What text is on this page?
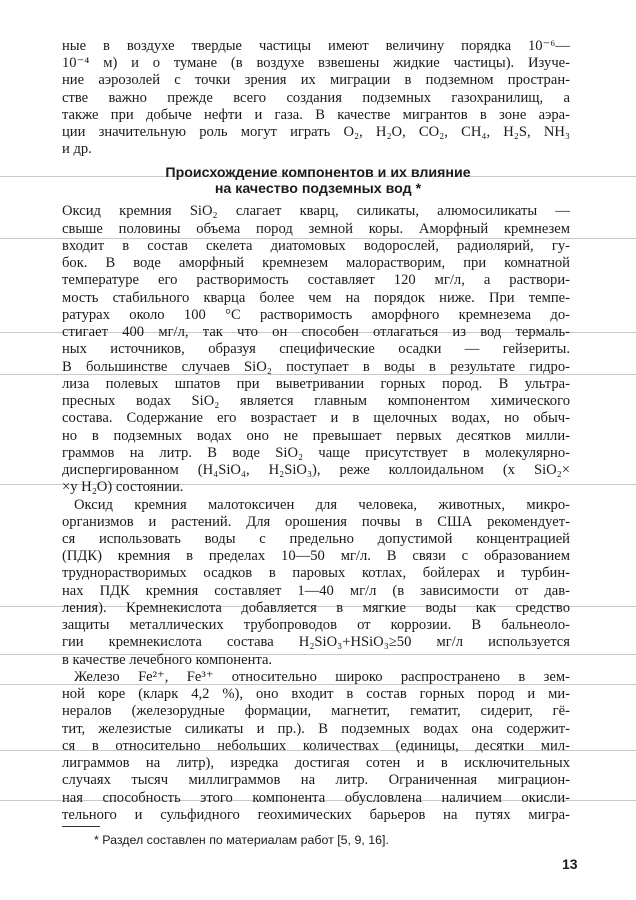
ные в воздухе твердые частицы имеют величину порядка 10⁻⁶—
10⁻⁴ м) и о тумане (в воздухе взвешены жидкие частицы). Изуче-
ние аэрозолей с точки зрения их миграции в подземном простран-
стве важно прежде всего создания подземных газохранилищ, а
также при добыче нефти и газа. В качестве мигрантов в зоне аэра-
ции значительную роль могут играть O₂, H₂O, CO₂, CH₄, H₂S, NH₃
и др.
Происхождение компонентов и их влияние
на качество подземных вод *
Оксид кремния SiO₂ слагает кварц, силикаты, алюмосиликаты —
свыше половины объема пород земной коры. Аморфный кремнезем
входит в состав скелета диатомовых водорослей, радиолярий, гу-
бок. В воде аморфный кремнезем малорастворим, при комнатной
температуре его растворимость составляет 120 мг/л, а раствори-
мость стабильного кварца более чем на порядок ниже. При темпе-
ратурах около 100 °С растворимость аморфного кремнезема до-
стигает 400 мг/л, так что он способен отлагаться из вод термаль-
ных источников, образуя специфические осадки — гейзериты.
В большинстве случаев SiO₂ поступает в воды в результате гидро-
лиза полевых шпатов при выветривании горных пород. В ультра-
пресных водах SiO₂ является главным компонентом химического
состава. Содержание его возрастает и в щелочных водах, но обыч-
но в подземных водах оно не превышает первых десятков милли-
граммов на литр. В воде SiO₂ чаще присутствует в молекулярно-
диспергированном (H₄SiO₄, H₂SiO₃), реже коллоидальном (x SiO₂×
×y H₂O) состоянии.
Оксид кремния малотоксичен для человека, животных, микро-
организмов и растений. Для орошения почвы в США рекомендует-
ся использовать воды с предельно допустимой концентрацией
(ПДК) кремния в пределах 10—50 мг/л. В связи с образованием
труднорастворимых осадков в паровых котлах, бойлерах и турбин-
нах ПДК кремния составляет 1—40 мг/л (в зависимости от дав-
ления). Кремнекислота добавляется в мягкие воды как средство
защиты металлических трубопроводов от коррозии. В бальнеоло-
гии кремнекислота состава H₂SiO₃+HSiO₃≥50 мг/л используется
в качестве лечебного компонента.
Железо Fe²⁺, Fe³⁺ относительно широко распространено в зем-
ной коре (кларк 4,2 %), оно входит в состав горных пород и ми-
нералов (железорудные формации, магнетит, гематит, сидерит, гё-
тит, железистые силикаты и пр.). В подземных водах она содержит-
ся в относительно небольших количествах (единицы, десятки мил-
лиграммов на литр), изредка достигая сотен и в исключительных
случаях тысяч миллиграммов на литр. Ограниченная миграцион-
ная способность этого компонента обусловлена наличием окисли-
тельного и сульфидного геохимических барьеров на путях мигра-
* Раздел составлен по материалам работ [5, 9, 16].
13
